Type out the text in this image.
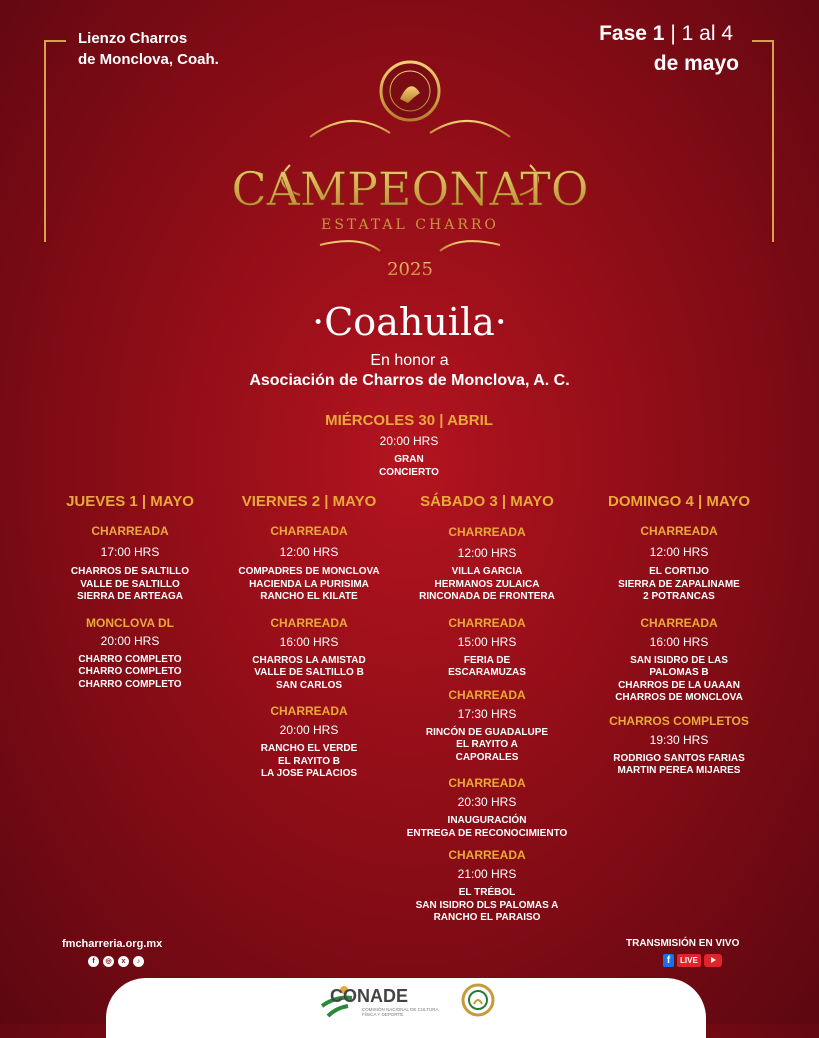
Lienzo Charros
de Monclova, Coah.
Fase 1 | 1 al 4
de mayo
CAMPEONATO
ESTATAL CHARRO
2025
·Coahuila·
En honor a
Asociación de Charros de Monclova, A. C.
MIÉRCOLES 30 | ABRIL
20:00 HRS
GRAN
CONCIERTO
JUEVES 1 | MAYO
CHARREADA
17:00 HRS
CHARROS DE SALTILLO
VALLE DE SALTILLO
SIERRA DE ARTEAGA
MONCLOVA DL
20:00 HRS
CHARRO COMPLETO
CHARRO COMPLETO
CHARRO COMPLETO
VIERNES 2 | MAYO
CHARREADA
12:00 HRS
COMPADRES DE MONCLOVA
HACIENDA LA PURISIMA
RANCHO EL KILATE
CHARREADA
16:00 HRS
CHARROS LA AMISTAD
VALLE DE SALTILLO B
SAN CARLOS
CHARREADA
20:00 HRS
RANCHO EL VERDE
EL RAYITO B
LA JOSE PALACIOS
SÁBADO 3 | MAYO
CHARREADA
12:00 HRS
VILLA GARCIA
HERMANOS ZULAICA
RINCONADA DE FRONTERA
CHARREADA
15:00 HRS
FERIA DE
ESCARAMUZAS
CHARREADA
17:30 HRS
RINCÓN DE GUADALUPE
EL RAYITO A
CAPORALES
CHARREADA
20:30 HRS
INAUGURACIÓN
ENTREGA DE RECONOCIMIENTO
CHARREADA
21:00 HRS
EL TRÉBOL
SAN ISIDRO DLS PALOMAS A
RANCHO EL PARAISO
DOMINGO 4 | MAYO
CHARREADA
12:00 HRS
EL CORTIJO
SIERRA DE ZAPALINAME
2 POTRANCAS
CHARREADA
16:00 HRS
SAN ISIDRO DE LAS
PALOMAS B
CHARROS DE LA UAAAN
CHARROS DE MONCLOVA
CHARROS COMPLETOS
19:30 HRS
RODRIGO SANTOS FARIAS
MARTIN PEREA MIJARES
fmcharreria.org.mx
f	◎	x	♪
TRANSMISIÓN EN VIVO
f	LIVE
CONADE
COMISIÓN NACIONAL DE CULTURA FÍSICA Y DEPORTE
